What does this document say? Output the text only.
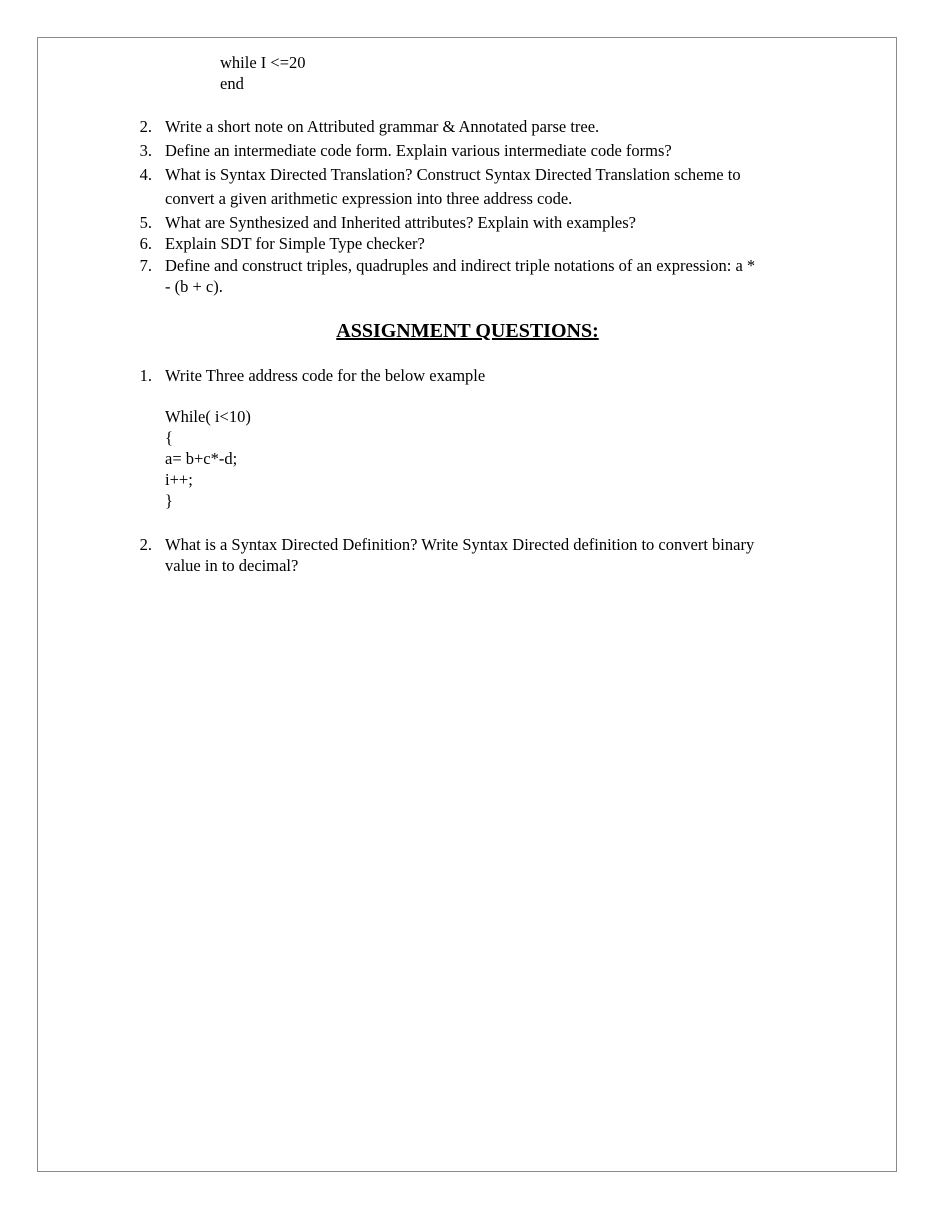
while I <=20
end
2. Write a short note on Attributed grammar & Annotated parse tree.
3. Define an intermediate code form. Explain various intermediate code forms?
4. What is Syntax Directed Translation? Construct Syntax Directed Translation scheme to
convert a given arithmetic expression into three address code.
5. What are Synthesized and Inherited attributes? Explain with examples?
6. Explain SDT for Simple Type checker?
7. Define and construct triples, quadruples and indirect triple notations of an expression: a *
- (b + c).
ASSIGNMENT QUESTIONS:
1. Write Three address code for the below example
While( i<10)
{
a= b+c*-d;
i++;
}
2. What is a Syntax Directed Definition? Write Syntax Directed definition to convert binary
value in to decimal?
